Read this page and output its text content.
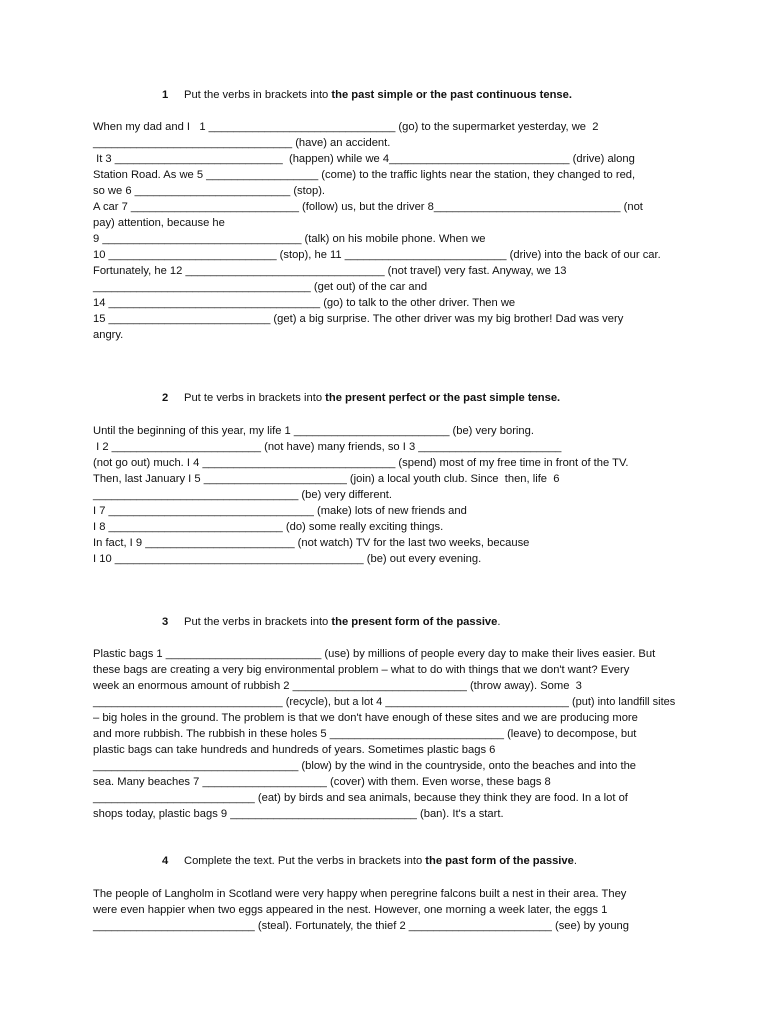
1 Put the verbs in brackets into the past simple or the past continuous tense.
When my dad and I   1 ______________________________ (go) to the supermarket yesterday, we  2
________________________________ (have) an accident.
It 3 ___________________________  (happen) while we 4_____________________________ (drive) along
Station Road. As we 5 __________________ (come) to the traffic lights near the station, they changed to red,
so we 6 _________________________ (stop).
A car 7 ___________________________ (follow) us, but the driver 8______________________________ (not
pay) attention, because he
9 ________________________________ (talk) on his mobile phone. When we
10 ___________________________ (stop), he 11 __________________________ (drive) into the back of our car.
Fortunately, he 12 ________________________________ (not travel) very fast. Anyway, we 13
___________________________________ (get out) of the car and
14 __________________________________ (go) to talk to the other driver. Then we
15 __________________________ (get) a big surprise. The other driver was my big brother! Dad was very
angry.
2 Put te verbs in brackets into the present perfect or the past simple tense.
Until the beginning of this year, my life 1 _________________________ (be) very boring.
I 2 ________________________ (not have) many friends, so I 3 _______________________
(not go out) much. I 4 _______________________________ (spend) most of my free time in front of the TV.
Then, last January I 5 _______________________ (join) a local youth club. Since  then, life  6
_________________________________ (be) very different.
I 7 _________________________________ (make) lots of new friends and
I 8 ____________________________ (do) some really exciting things.
In fact, I 9 ________________________ (not watch) TV for the last two weeks, because
I 10 ________________________________________ (be) out every evening.
3 Put the verbs in brackets into the present form of the passive.
Plastic bags 1 _________________________ (use) by millions of people every day to make their lives easier. But
these bags are creating a very big environmental problem – what to do with things that we don't want? Every
week an enormous amount of rubbish 2 ____________________________ (throw away). Some  3
_______________________________ (recycle), but a lot 4 ______________________________ (put) into landfill sites
– big holes in the ground. The problem is that we don't have enough of these sites and we are producing more
and more rubbish. The rubbish in these holes 5 ____________________________ (leave) to decompose, but
plastic bags can take hundreds and hundreds of years. Sometimes plastic bags 6
_________________________________ (blow) by the wind in the countryside, onto the beaches and into the
sea. Many beaches 7 ____________________ (cover) with them. Even worse, these bags 8
__________________________ (eat) by birds and sea animals, because they think they are food. In a lot of
shops today, plastic bags 9 ______________________________ (ban). It's a start.
4 Complete the text. Put the verbs in brackets into the past form of the passive.
The people of Langholm in Scotland were very happy when peregrine falcons built a nest in their area. They
were even happier when two eggs appeared in the nest. However, one morning a week later, the eggs 1
__________________________ (steal). Fortunately, the thief 2 _______________________ (see) by young
